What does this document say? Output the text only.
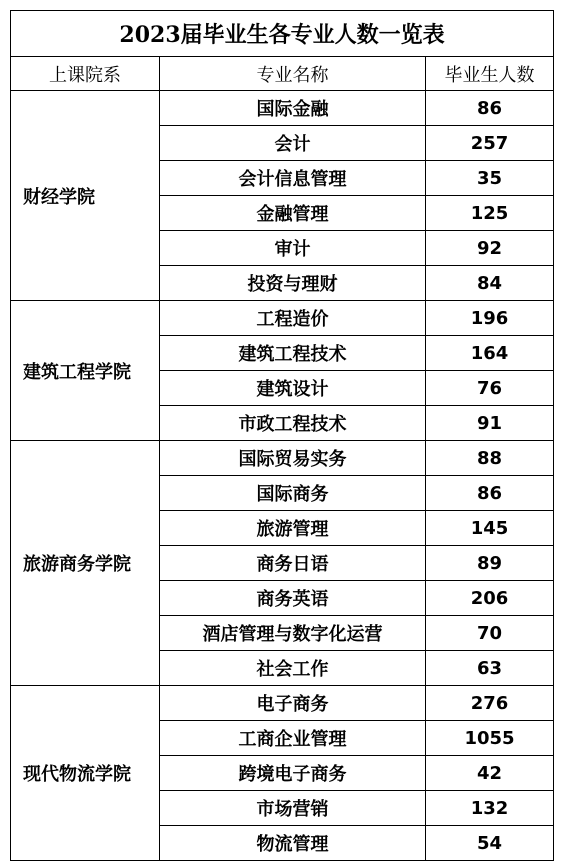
2023届毕业生各专业人数一览表		
上课院系	专业名称	毕业生人数
财经学院	国际金融	86
	会计	257
	会计信息管理	35
	金融管理	125
	审计	92
	投资与理财	84
建筑工程学院	工程造价	196
	建筑工程技术	164
	建筑设计	76
	市政工程技术	91
旅游商务学院	国际贸易实务	88
	国际商务	86
	旅游管理	145
	商务日语	89
	商务英语	206
	酒店管理与数字化运营	70
	社会工作	63
现代物流学院	电子商务	276
	工商企业管理	1055
	跨境电子商务	42
	市场营销	132
	物流管理	54
